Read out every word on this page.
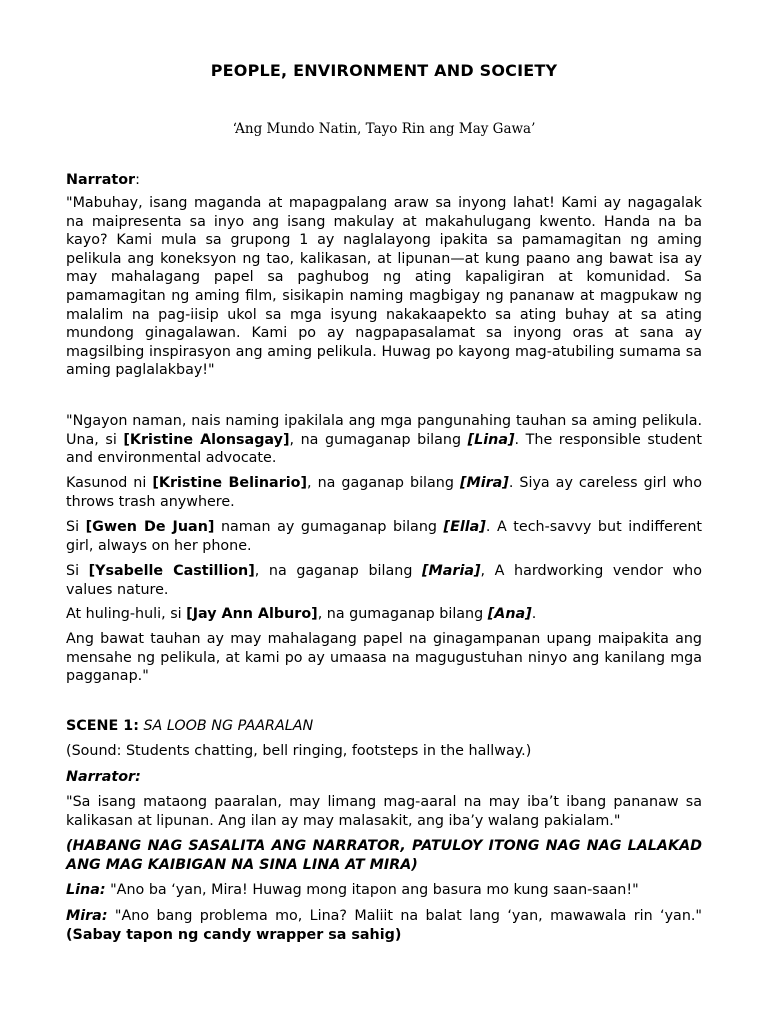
PEOPLE, ENVIRONMENT AND SOCIETY
‘Ang Mundo Natin, Tayo Rin ang May Gawa’

Narrator:

"Mabuhay, isang maganda at mapagpalang araw sa inyong lahat! Kami ay nagagalak na maipresenta sa inyo ang isang makulay at makahulugang kwento. Handa na ba kayo? Kami mula sa grupong 1 ay naglalayong ipakita sa pamamagitan ng aming pelikula ang koneksyon ng tao, kalikasan, at lipunan—at kung paano ang bawat isa ay may mahalagang papel sa paghubog ng ating kapaligiran at komunidad. Sa pamamagitan ng aming film, sisikapin naming magbigay ng pananaw at magpukaw ng malalim na pag-iisip ukol sa mga isyung nakakaapekto sa ating buhay at sa ating mundong ginagalawan. Kami po ay nagpapasalamat sa inyong oras at sana ay magsilbing inspirasyon ang aming pelikula. Huwag po kayong mag-atubiling sumama sa aming paglalakbay!"

"Ngayon naman, nais naming ipakilala ang mga pangunahing tauhan sa aming pelikula. Una, si [Kristine Alonsagay], na gumaganap bilang [Lina]. The responsible student and environmental advocate.

Kasunod ni [Kristine Belinario], na gaganap bilang [Mira]. Siya ay careless girl who throws trash anywhere.

Si [Gwen De Juan] naman ay gumaganap bilang [Ella]. A tech-savvy but indifferent girl, always on her phone.

Si [Ysabelle Castillion], na gaganap bilang [Maria], A hardworking vendor who values nature.

At huling-huli, si [Jay Ann Alburo], na gumaganap bilang [Ana].

Ang bawat tauhan ay may mahalagang papel na ginagampanan upang maipakita ang mensahe ng pelikula, at kami po ay umaasa na magugustuhan ninyo ang kanilang mga pagganap."

SCENE 1: SA LOOB NG PAARALAN

(Sound: Students chatting, bell ringing, footsteps in the hallway.)

Narrator:

"Sa isang mataong paaralan, may limang mag-aaral na may iba’t ibang pananaw sa kalikasan at lipunan. Ang ilan ay may malasakit, ang iba’y walang pakialam."

(HABANG NAG SASALITA ANG NARRATOR, PATULOY ITONG NAG NAG LALAKAD ANG MAG KAIBIGAN NA SINA LINA AT MIRA)

Lina: "Ano ba ‘yan, Mira! Huwag mong itapon ang basura mo kung saan-saan!"

Mira: "Ano bang problema mo, Lina? Maliit na balat lang ‘yan, mawawala rin ‘yan." (Sabay tapon ng candy wrapper sa sahig)
